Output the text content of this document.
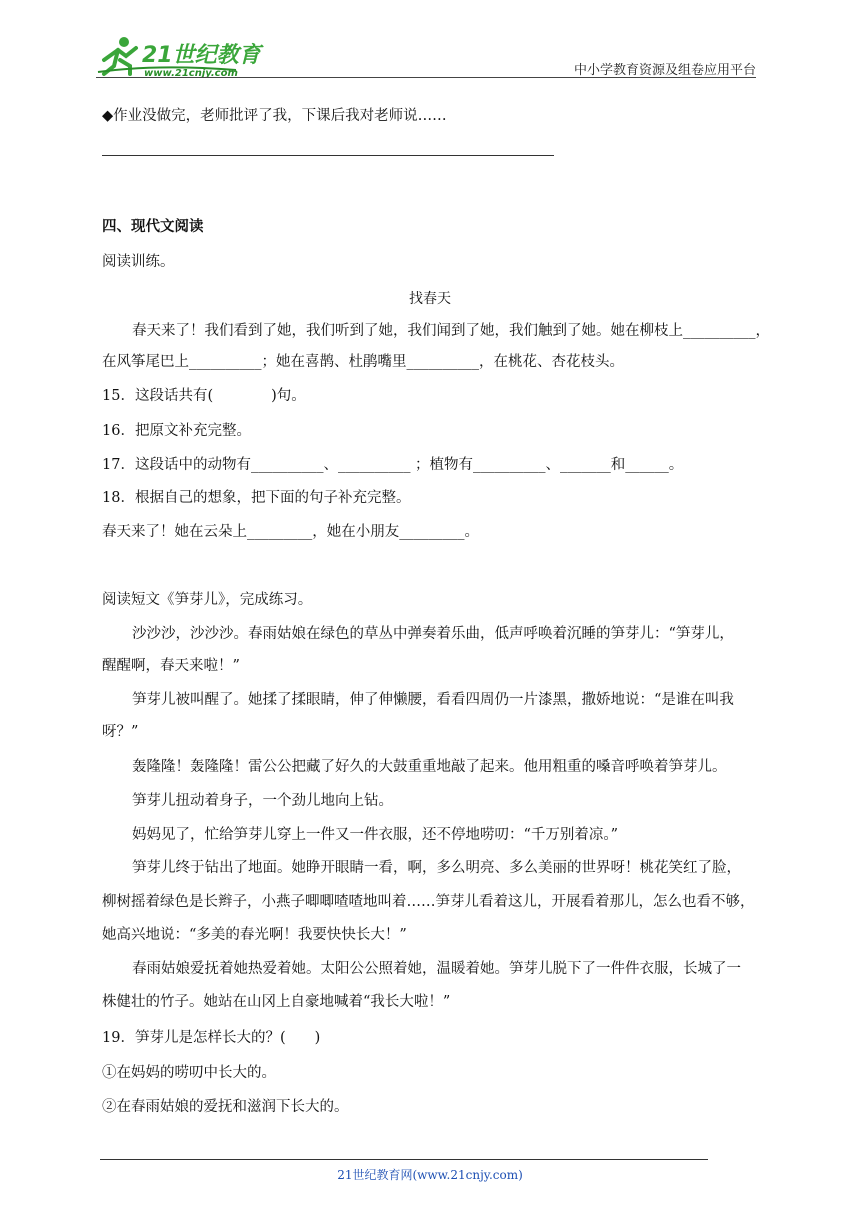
21世纪教育
www.21cnjy.com	中小学教育资源及组卷应用平台
◆作业没做完，老师批评了我，下课后我对老师说……
四、现代文阅读
阅读训练。
找春天
春天来了！我们看到了她，我们听到了她，我们闻到了她，我们触到了她。她在柳枝上__________，
在风筝尾巴上__________；她在喜鹊、杜鹃嘴里__________，在桃花、杏花枝头。
15．这段话共有(　　　　)句。
16．把原文补充完整。
17．这段话中的动物有__________、__________ ；植物有__________、_______和______。
18．根据自己的想象，把下面的句子补充完整。
春天来了！她在云朵上_________，她在小朋友_________。
阅读短文《笋芽儿》，完成练习。
沙沙沙，沙沙沙。春雨姑娘在绿色的草丛中弹奏着乐曲，低声呼唤着沉睡的笋芽儿：“笋芽儿，
醒醒啊，春天来啦！”
笋芽儿被叫醒了。她揉了揉眼睛，伸了伸懒腰，看看四周仍一片漆黑，撒娇地说：“是谁在叫我
呀？”
轰隆隆！轰隆隆！雷公公把藏了好久的大鼓重重地敲了起来。他用粗重的嗓音呼唤着笋芽儿。
笋芽儿扭动着身子，一个劲儿地向上钻。
妈妈见了，忙给笋芽儿穿上一件又一件衣服，还不停地唠叨：“千万别着凉。”
笋芽儿终于钻出了地面。她睁开眼睛一看，啊，多么明亮、多么美丽的世界呀！桃花笑红了脸，
柳树摇着绿色是长辫子，小燕子唧唧喳喳地叫着……笋芽儿看着这儿，开展看着那儿，怎么也看不够，
她高兴地说：“多美的春光啊！我要快快长大！”
春雨姑娘爱抚着她热爱着她。太阳公公照着她，温暖着她。笋芽儿脱下了一件件衣服，长城了一
株健壮的竹子。她站在山冈上自豪地喊着“我长大啦！”
19．笋芽儿是怎样长大的？(　　)
①在妈妈的唠叨中长大的。
②在春雨姑娘的爱抚和滋润下长大的。
21世纪教育网(www.21cnjy.com)
